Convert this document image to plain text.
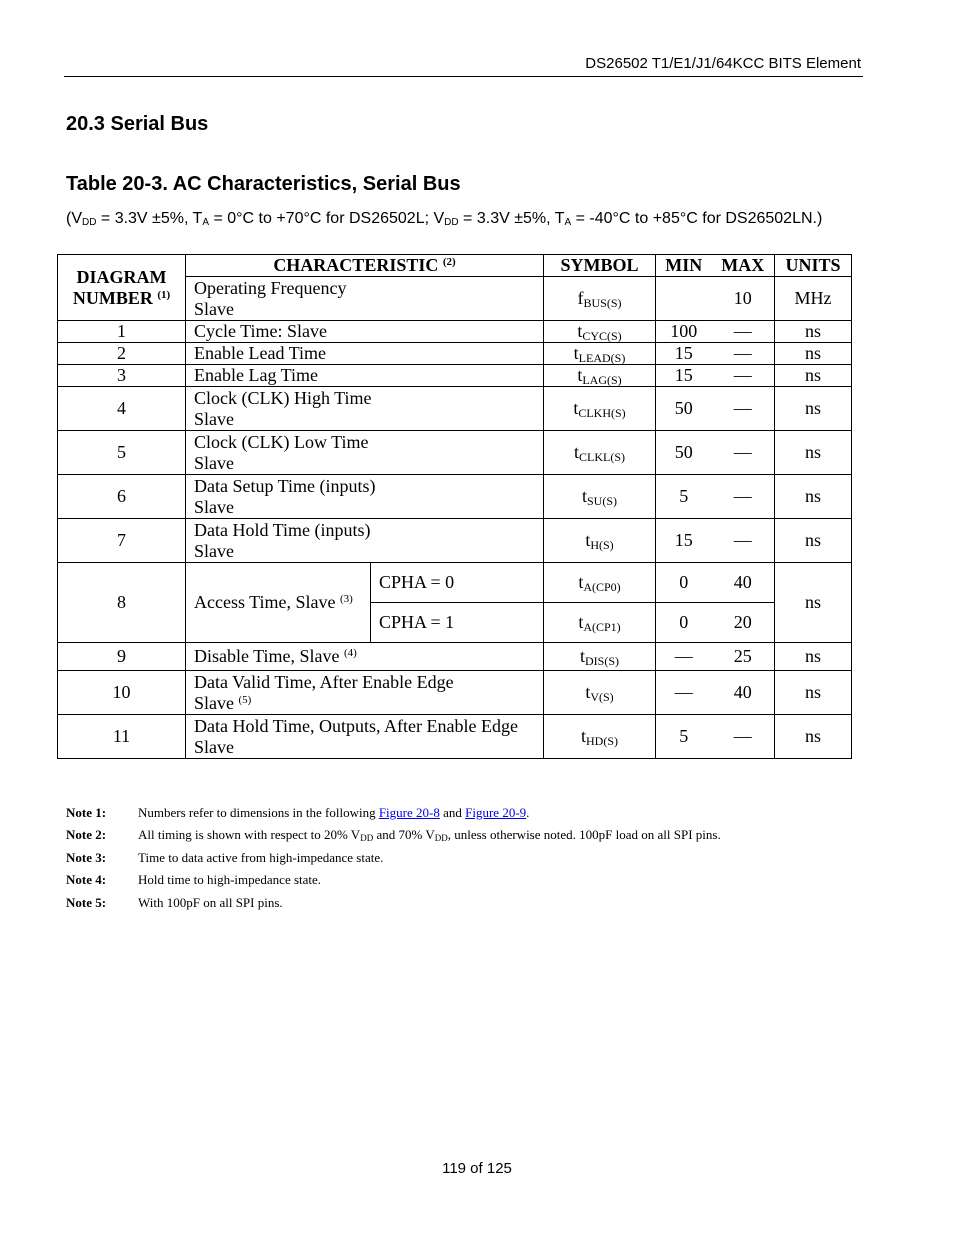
DS26502 T1/E1/J1/64KCC BITS Element
20.3 Serial Bus
Table 20-3. AC Characteristics, Serial Bus
($V_{DD} = 3.3V \pm 5\%$, $T_A = 0^\circ C$ to +70°C for DS26502L; $V_{DD} = 3.3V \pm 5\%$, $T_A = -40^\circ C$ to +85°C for DS26502LN.)
DIAGRAM
NUMBER $^{(1)}$	CHARACTERISTIC $^{(2)}$		SYMBOL	MIN	MAX	UNITS
	Operating Frequency
Slave		$f_{BUS(S)}$		10	MHz
1	Cycle Time: Slave		$t_{CYC(S)}$	100	—	ns
2	Enable Lead Time		$t_{LEAD(S)}$	15	—	ns
3	Enable Lag Time		$t_{LAG(S)}$	15	—	ns
4	Clock (CLK) High Time
Slave		$t_{CLKH(S)}$	50	—	ns
5	Clock (CLK) Low Time
Slave		$t_{CLKL(S)}$	50	—	ns
6	Data Setup Time (inputs)
Slave		$t_{SU(S)}$	5	—	ns
7	Data Hold Time (inputs)
Slave		$t_{H(S)}$	15	—	ns
8	Access Time, Slave $^{(3)}$	CPHA = 0	$t_{A(CP0)}$	0	40	ns
		CPHA = 1	$t_{A(CP1)}$	0	20	
9	Disable Time, Slave $^{(4)}$		$t_{DIS(S)}$	—	25	ns
10	Data Valid Time, After Enable Edge
Slave $^{(5)}$		$t_{V(S)}$	—	40	ns
11	Data Hold Time, Outputs, After Enable Edge
Slave		$t_{HD(S)}$	5	—	ns
Note 1: Numbers refer to dimensions in the following Figure 20-8 and Figure 20-9.
Note 2: All timing is shown with respect to 20% $V_{DD}$ and 70% $V_{DD}$, unless otherwise noted. 100pF load on all SPI pins.
Note 3: Time to data active from high-impedance state.
Note 4: Hold time to high-impedance state.
Note 5: With 100pF on all SPI pins.
119 of 125
